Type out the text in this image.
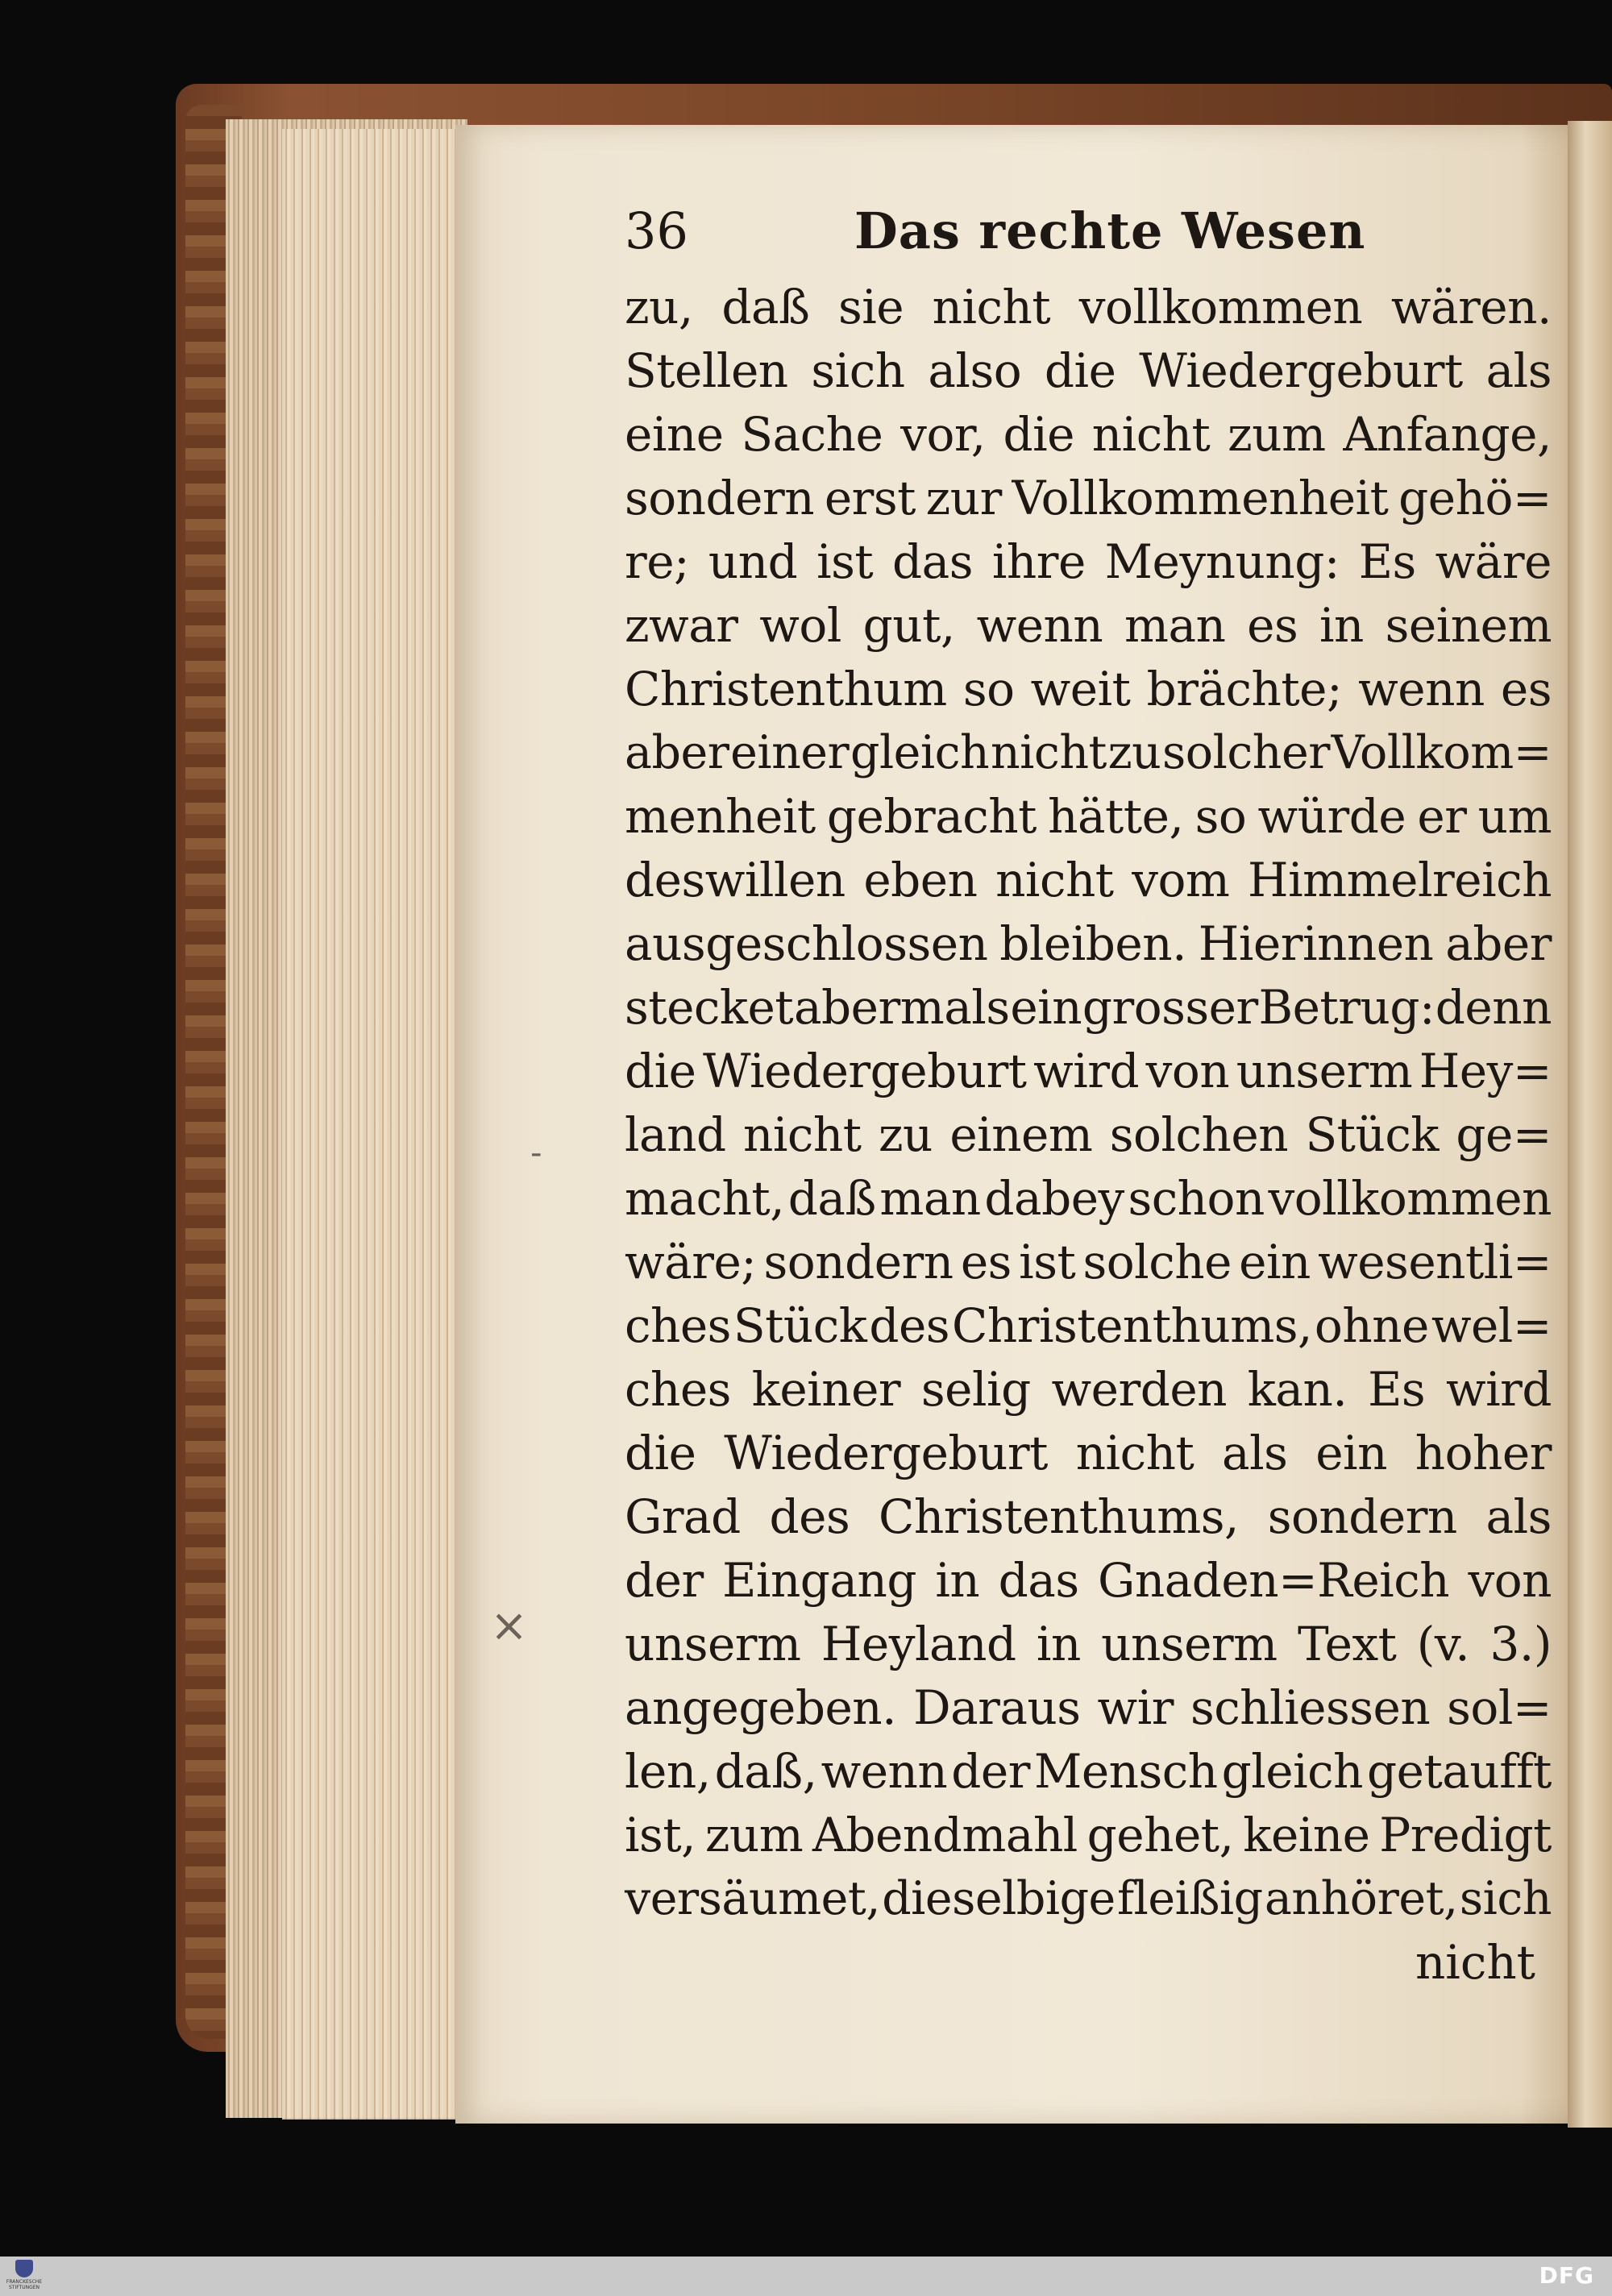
-
×
36	Das rechte Wesen
zu, daß sie nicht vollkommen wären.
Stellen sich also die Wiedergeburt als
eine Sache vor, die nicht zum Anfange,
sondern erst zur Vollkommenheit gehö=
re; und ist das ihre Meynung: Es wäre
zwar wol gut, wenn man es in seinem
Christenthum so weit brächte; wenn es
aber einer gleich nicht zu solcher Vollkom=
menheit gebracht hätte, so würde er um
deswillen eben nicht vom Himmelreich
ausgeschlossen bleiben. Hierinnen aber
stecket abermals ein grosser Betrug: denn
die Wiedergeburt wird von unserm Hey=
land nicht zu einem solchen Stück ge=
macht, daß man dabey schon vollkommen
wäre; sondern es ist solche ein wesentli=
ches Stück des Christenthums, ohne wel=
ches keiner selig werden kan. Es wird
die Wiedergeburt nicht als ein hoher
Grad des Christenthums, sondern als
der Eingang in das Gnaden=Reich von
unserm Heyland in unserm Text (v. 3.)
angegeben. Daraus wir schliessen sol=
len, daß, wenn der Mensch gleich getaufft
ist, zum Abendmahl gehet, keine Predigt
versäumet, dieselbige fleißig anhöret, sich
nicht
FRANCKESCHE STIFTUNGEN	DFG
